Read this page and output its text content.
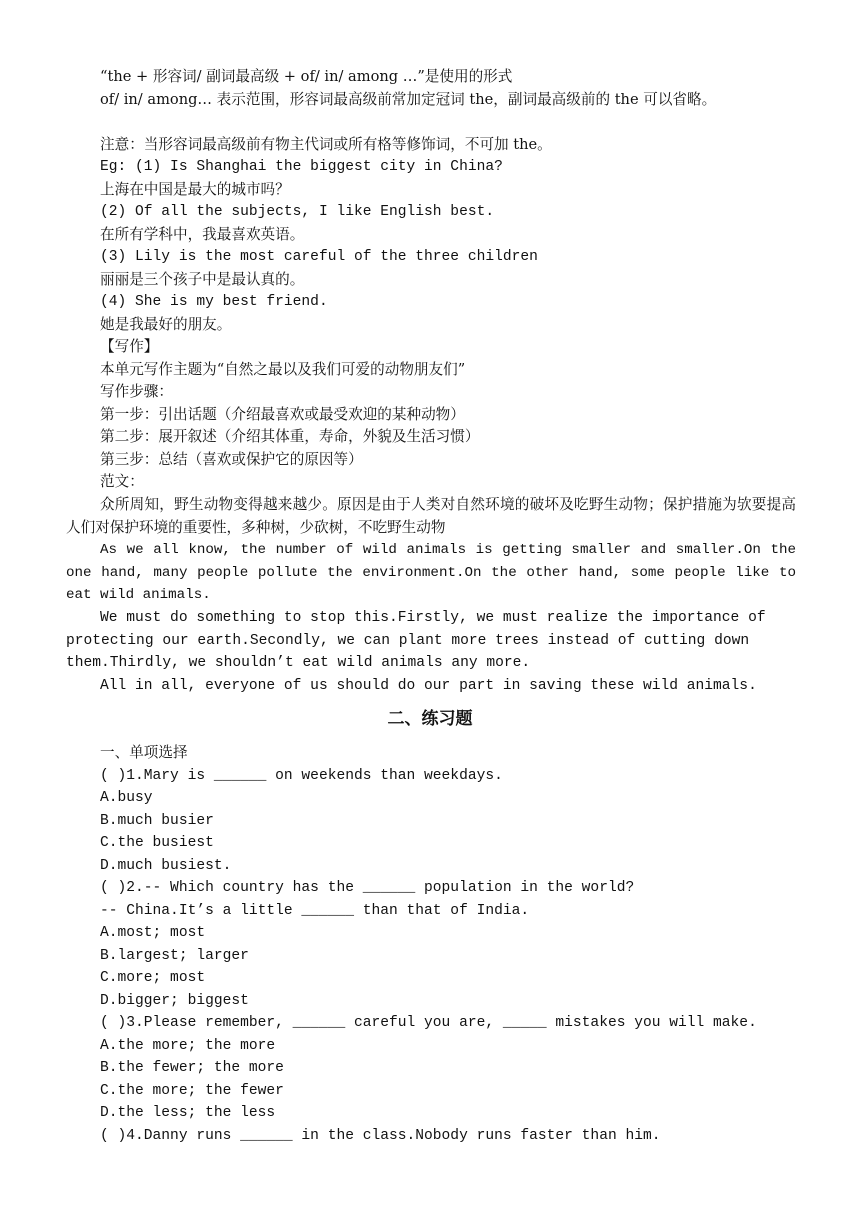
“the + 形容词/ 副词最高级 + of/ in/ among …”是使用的形式
of/ in/ among… 表示范围，形容词最高级前常加定冠词 the，副词最高级前的 the 可以省略。
注意：当形容词最高级前有物主代词或所有格等修饰词，不可加 the。
Eg: (1) Is Shanghai the biggest city in China?
上海在中国是最大的城市吗？
(2) Of all the subjects, I like English best.
在所有学科中，我最喜欢英语。
(3) Lily is the most careful of the three children
丽丽是三个孩子中是最认真的。
(4) She is my best friend.
她是我最好的朋友。
【写作】
本单元写作主题为“自然之最以及我们可爱的动物朋友们”
写作步骤：
第一步：引出话题（介绍最喜欢或最受欢迎的某种动物）
第二步：展开叙述（介绍其体重，寿命，外貌及生活习惯）
第三步：总结（喜欢或保护它的原因等）
范文：
众所周知，野生动物变得越来越少。原因是由于人类对自然环境的破坏及吃野生动物；保护措施为欤要提高人们对保护环境的重要性，多种树，少砍树，不吃野生动物
As we all know, the number of wild animals is getting smaller and smaller.On the one hand, many people pollute the environment.On the other hand, some people like to eat wild animals.
We must do something to stop this.Firstly, we must realize the importance of
protecting our earth.Secondly, we can plant more trees instead of cutting down
them.Thirdly, we shouldn’t eat wild animals any more.
All in all, everyone of us should do our part in saving these wild animals.
二、练习题
一、单项选择
( )1.Mary is ______ on weekends than weekdays.
A.busy
B.much busier
C.the busiest
D.much busiest.
( )2.-- Which country has the ______ population in the world?
-- China.It’s a little ______ than that of India.
A.most; most
B.largest; larger
C.more; most
D.bigger; biggest
( )3.Please remember, ______ careful you are, _____ mistakes you will make.
A.the more; the more
B.the fewer; the more
C.the more; the fewer
D.the less; the less
( )4.Danny runs ______ in the class.Nobody runs faster than him.
